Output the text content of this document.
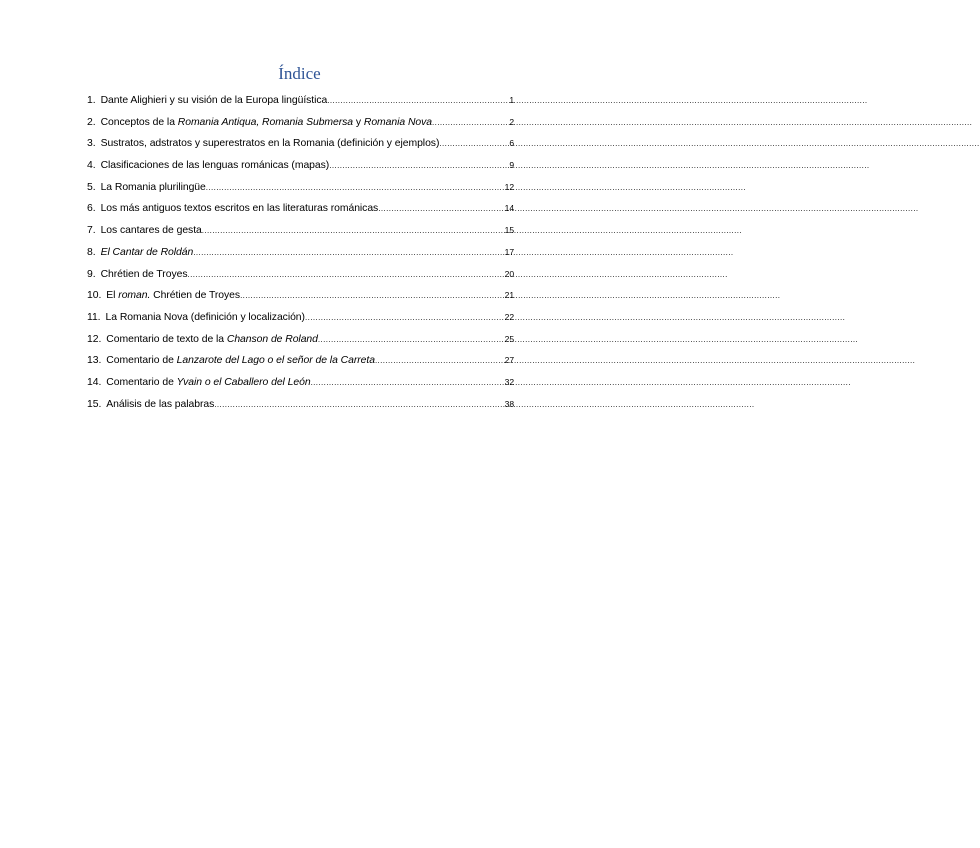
Índice
1. Dante Alighieri y su visión de la Europa lingüística .....	1
2. Conceptos de la Romania Antiqua, Romania Submersa y Romania Nova .....	2
3. Sustratos, adstratos y superestratos en la Romania (definición y ejemplos) .....	6
4. Clasificaciones de las lenguas románicas (mapas) .....	9
5. La Romania plurilingüe .....	12
6. Los más antiguos textos escritos en las literaturas románicas .....	14
7. Los cantares de gesta .....	15
8. El Cantar de Roldán .....	17
9. Chrétien de Troyes .....	20
10. El roman. Chrétien de Troyes .....	21
11. La Romania Nova (definición y localización) .....	22
12. Comentario de texto de la Chanson de Roland .....	25
13. Comentario de Lanzarote del Lago o el señor de la Carreta .....	27
14. Comentario de Yvain o el Caballero del León .....	32
15. Análisis de las palabras .....	38
